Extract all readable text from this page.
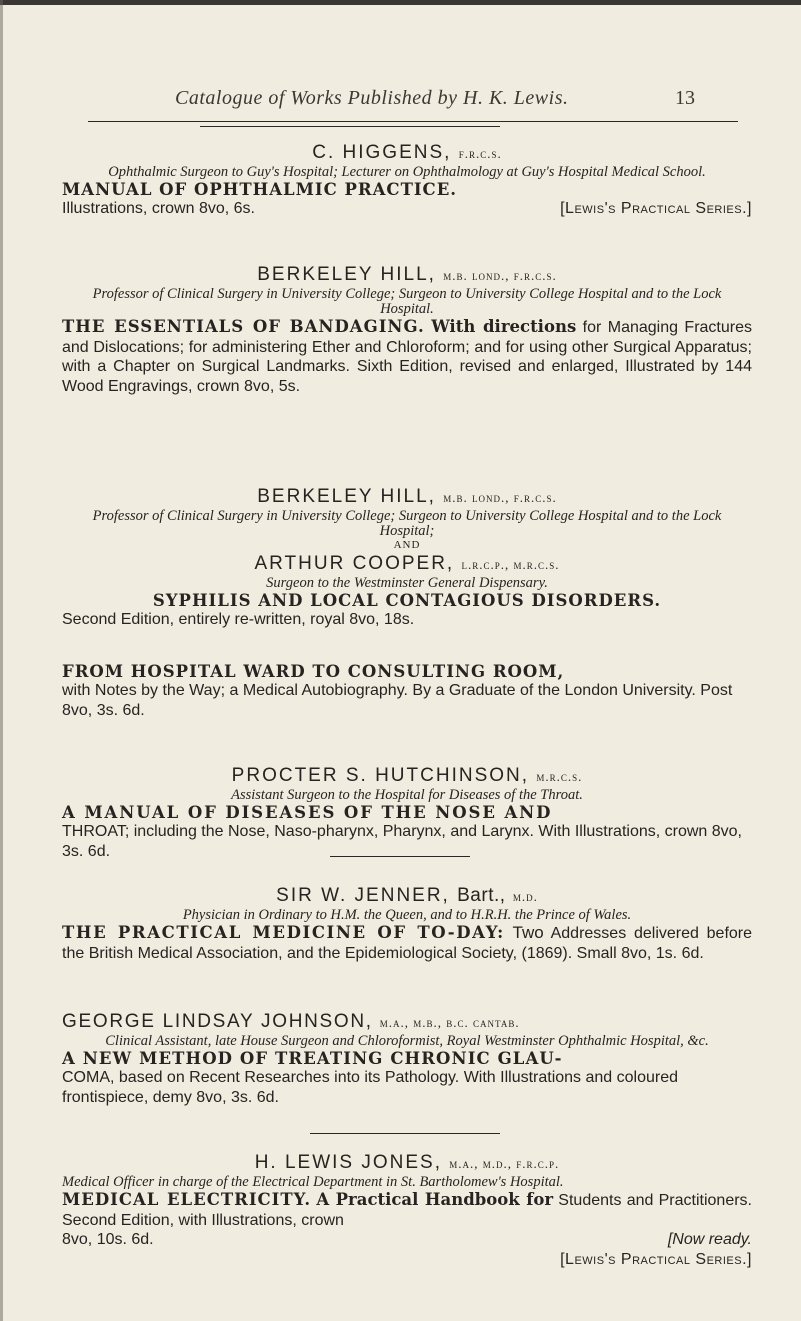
Catalogue of Works Published by H. K. Lewis.	13
C. HIGGENS, f.r.c.s.
Ophthalmic Surgeon to Guy's Hospital; Lecturer on Ophthalmology at Guy's Hospital Medical School.
MANUAL OF OPHTHALMIC PRACTICE.
Illustrations, crown 8vo, 6s.	[Lewis's Practical Series.]
BERKELEY HILL, m.b. lond., f.r.c.s.
Professor of Clinical Surgery in University College; Surgeon to University College Hospital and to the Lock Hospital.
THE ESSENTIALS OF BANDAGING. With directions for Managing Fractures and Dislocations; for administering Ether and Chloroform; and for using other Surgical Apparatus; with a Chapter on Surgical Landmarks. Sixth Edition, revised and enlarged, Illustrated by 144 Wood Engravings, crown 8vo, 5s.
BERKELEY HILL, m.b. lond., f.r.c.s.
Professor of Clinical Surgery in University College; Surgeon to University College Hospital and to the Lock Hospital;
AND
ARTHUR COOPER, l.r.c.p., m.r.c.s.
Surgeon to the Westminster General Dispensary.
SYPHILIS AND LOCAL CONTAGIOUS DISORDERS.
Second Edition, entirely re-written, royal 8vo, 18s.
FROM HOSPITAL WARD TO CONSULTING ROOM,
with Notes by the Way; a Medical Autobiography. By a Graduate of the London University. Post 8vo, 3s. 6d.
PROCTER S. HUTCHINSON, m.r.c.s.
Assistant Surgeon to the Hospital for Diseases of the Throat.
A MANUAL OF DISEASES OF THE NOSE AND
THROAT; including the Nose, Naso-pharynx, Pharynx, and Larynx. With Illustrations, crown 8vo, 3s. 6d.
SIR W. JENNER, Bart., m.d.
Physician in Ordinary to H.M. the Queen, and to H.R.H. the Prince of Wales.
THE PRACTICAL MEDICINE OF TO-DAY: Two Addresses delivered before the British Medical Association, and the Epidemiological Society, (1869). Small 8vo, 1s. 6d.
GEORGE LINDSAY JOHNSON, m.a., m.b., b.c. cantab.
Clinical Assistant, late House Surgeon and Chloroformist, Royal Westminster Ophthalmic Hospital, &c.
A NEW METHOD OF TREATING CHRONIC GLAU-
COMA, based on Recent Researches into its Pathology. With Illustrations and coloured frontispiece, demy 8vo, 3s. 6d.
H. LEWIS JONES, m.a., m.d., f.r.c.p.
Medical Officer in charge of the Electrical Department in St. Bartholomew's Hospital.
MEDICAL ELECTRICITY. A Practical Handbook for Students and Practitioners. Second Edition, with Illustrations, crown
8vo, 10s. 6d.	[Now ready.
[Lewis's Practical Series.]
